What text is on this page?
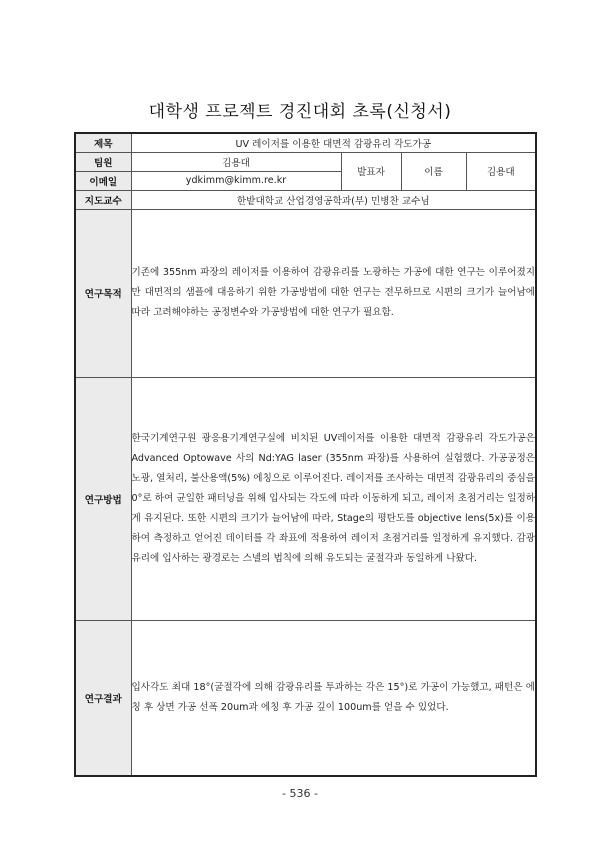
대학생 프로젝트 경진대회 초록(신청서)
제목	UV 레이저를 이용한 대면적 감광유리 각도가공			
팀원	김용대	발표자	이름	김용대
이메일	ydkimm@kimm.re.kr			
지도교수	한밭대학교 산업경영공학과(부) 민병찬 교수님			
연구목적	기존에 355nm 파장의 레이저를 이용하여 감광유리를 노광하는 가공에 대한 연구는 이루어졌지만 대면적의 샘플에 대응하기 위한 가공방법에 대한 연구는 전무하므로 시편의 크기가 늘어남에 따라 고려해야하는 공정변수와 가공방법에 대한 연구가 필요함.			
연구방법	한국기계연구원 광응용기계연구실에 비치된 UV레이저를 이용한 대면적 감광유리 각도가공은 Advanced Optowave 사의 Nd:YAG laser (355nm 파장)를 사용하여 실험했다. 가공공정은 노광, 열처리, 불산용액(5%) 에칭으로 이루어진다. 레이저를 조사하는 대면적 감광유리의 중심을 0°로 하여 균일한 패터닝을 위해 입사되는 각도에 따라 이동하게 되고, 레이저 초점거리는 일정하게 유지된다. 또한 시편의 크기가 늘어남에 따라, Stage의 평탄도를 objective lens(5x)를 이용하여 측정하고 얻어진 데이터를 각 좌표에 적용하여 레이저 초점거리를 일정하게 유지했다. 감광유리에 입사하는 광경로는 스넬의 법칙에 의해 유도되는 굴절각과 동일하게 나왔다.			
연구결과	입사각도 최대 18°(굴절각에 의해 감광유리를 투과하는 각은 15°)로 가공이 가능했고, 패턴은 에칭 후 상면 가공 선폭 20um과 에칭 후 가공 깊이 100um를 얻을 수 있었다.			
- 536 -
